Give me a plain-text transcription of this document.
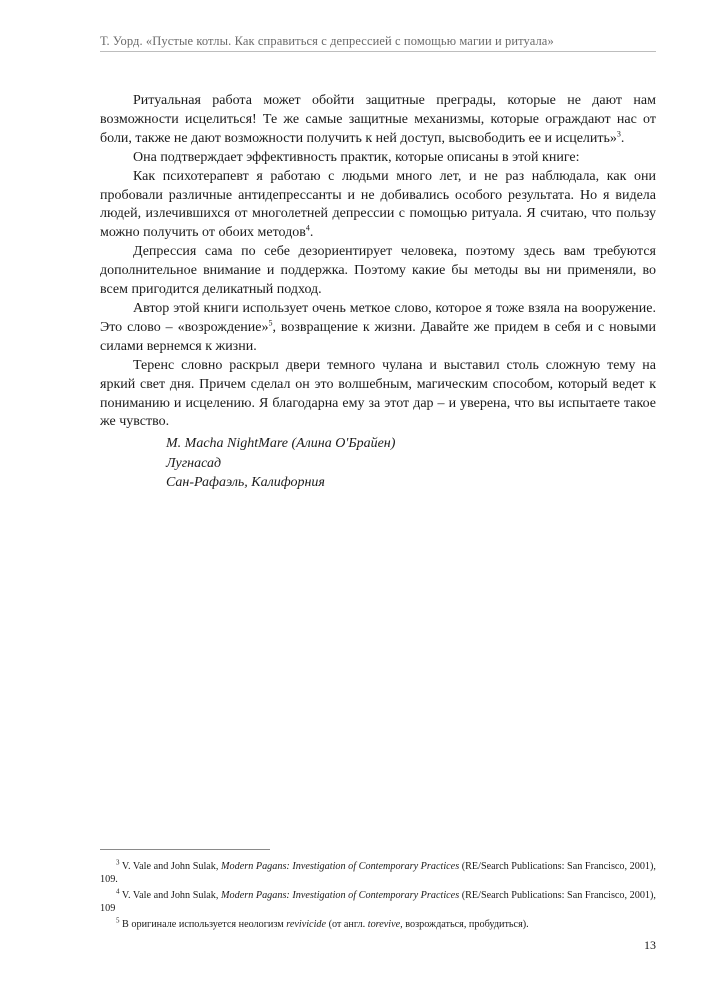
Т. Уорд. «Пустые котлы. Как справиться с депрессией с помощью магии и ритуала»

Ритуальная работа может обойти защитные преграды, которые не дают нам возможности исцелиться! Те же самые защитные механизмы, которые ограждают нас от боли, также не дают возможности получить к ней доступ, высвободить ее и исцелить»$^3$.

Она подтверждает эффективность практик, которые описаны в этой книге:

Как психотерапевт я работаю с людьми много лет, и не раз наблюдала, как они пробовали различные антидепрессанты и не добивались особого результата. Но я видела людей, излечившихся от многолетней депрессии с помощью ритуала. Я считаю, что пользу можно получить от обоих методов$^4$.

Депрессия сама по себе дезориентирует человека, поэтому здесь вам требуются дополнительное внимание и поддержка. Поэтому какие бы методы вы ни применяли, во всем пригодится деликатный подход.

Автор этой книги использует очень меткое слово, которое я тоже взяла на вооружение. Это слово – «возрождение»$^5$, возвращение к жизни. Давайте же придем в себя и с новыми силами вернемся к жизни.

Теренс словно раскрыл двери темного чулана и выставил столь сложную тему на яркий свет дня. Причем сделал он это волшебным, магическим способом, который ведет к пониманию и исцелению. Я благодарна ему за этот дар – и уверена, что вы испытаете такое же чувство.

M. Macha NightMare (Алина О'Брайен)
Лугнасад
Сан-Рафаэль, Калифорния

$^3$ V. Vale and John Sulak, Modern Pagans: Investigation of Contemporary Practices (RE/Search Publications: San Francisco, 2001), 109.

$^4$ V. Vale and John Sulak, Modern Pagans: Investigation of Contemporary Practices (RE/Search Publications: San Francisco, 2001), 109

$^5$ В оригинале используется неологизм revivicide (от англ. torevive, возрождаться, пробудиться).

13
